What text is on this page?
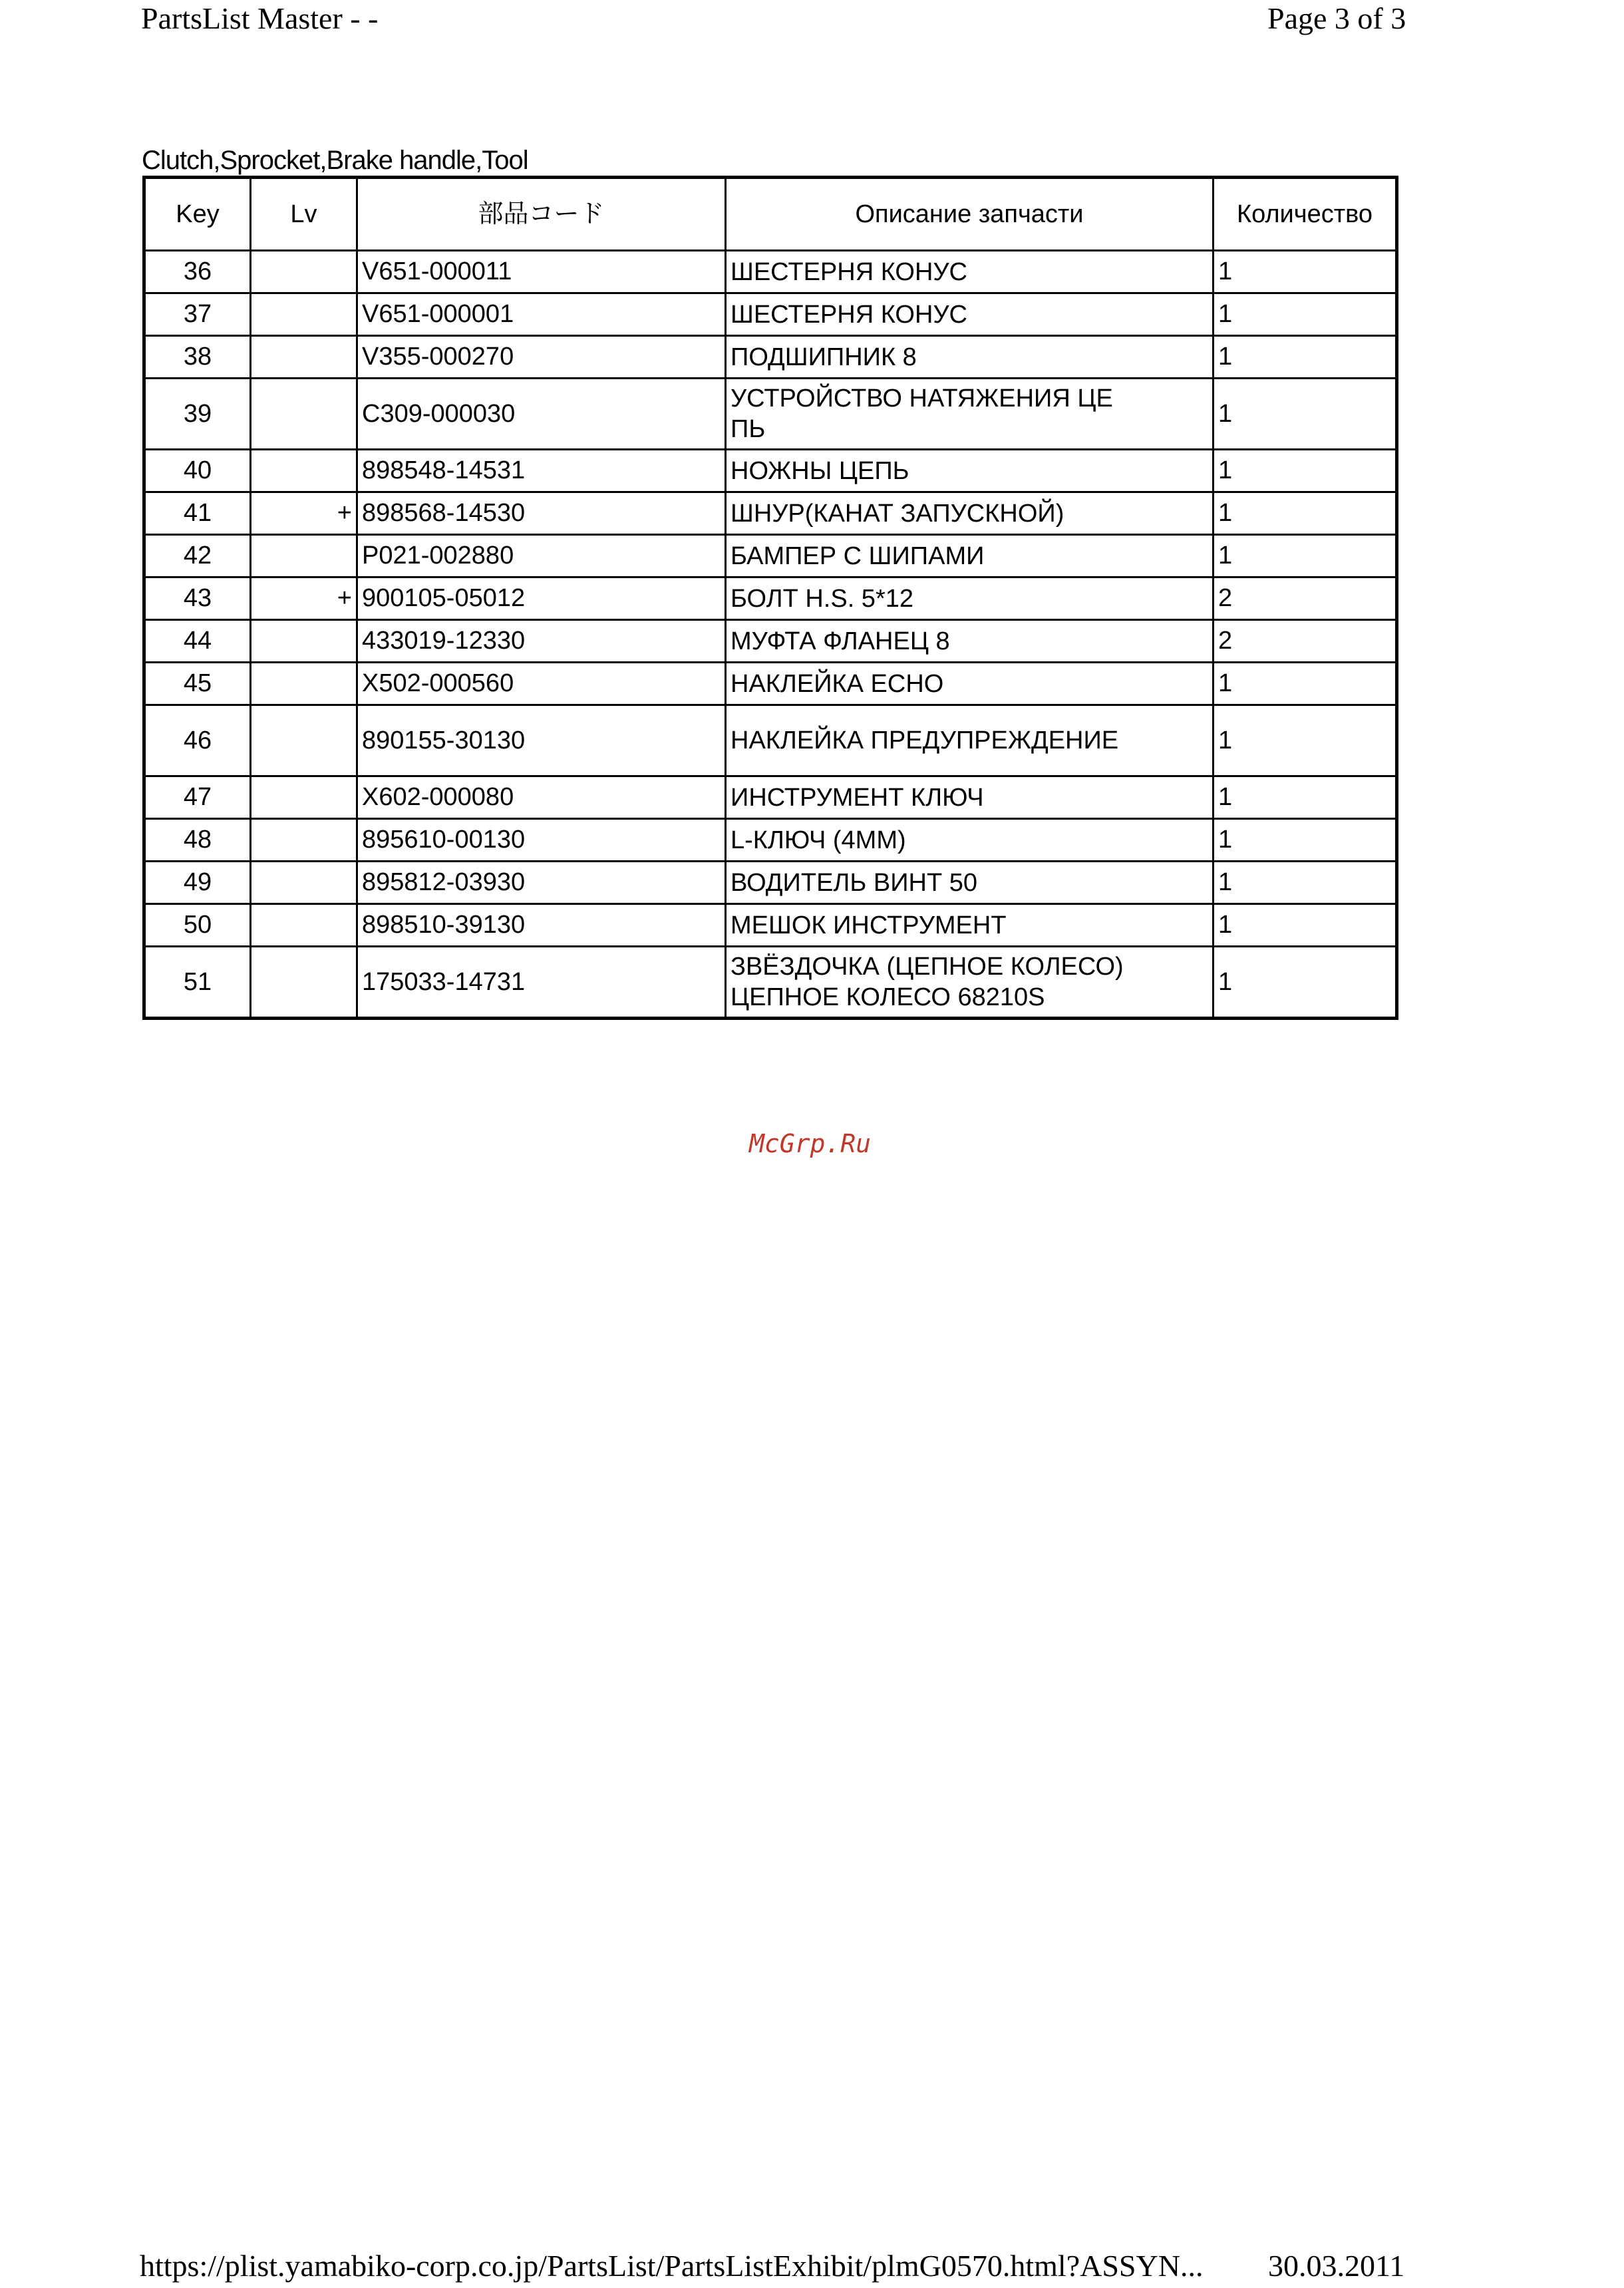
PartsList Master - -	Page 3 of 3
Clutch,Sprocket,Brake handle,Tool
Key	Lv	部品コード	Описание запчасти	Количество

36		V651-000011	ШЕСТЕРНЯ КОНУС	1
37		V651-000001	ШЕСТЕРНЯ КОНУС	1
38		V355-000270	ПОДШИПНИК 8	1
39		C309-000030	УСТРОЙСТВО НАТЯЖЕНИЯ ЦЕПЬ	1
40		898548-14531	НОЖНЫ ЦЕПЬ	1
41	+	898568-14530	ШНУР(КАНАТ ЗАПУСКНОЙ)	1
42		P021-002880	БАМПЕР С ШИПАМИ	1
43	+	900105-05012	БОЛТ H.S. 5*12	2
44		433019-12330	МУФТА ФЛАНЕЦ 8	2
45		X502-000560	НАКЛЕЙКА ECHO	1
46		890155-30130	НАКЛЕЙКА ПРЕДУПРЕЖДЕНИЕ	1
47		X602-000080	ИНСТРУМЕНТ КЛЮЧ	1
48		895610-00130	L-КЛЮЧ (4MM)	1
49		895812-03930	ВОДИТЕЛЬ ВИНТ 50	1
50		898510-39130	МЕШОК ИНСТРУМЕНТ	1
51		175033-14731	ЗВЁЗДОЧКА (ЦЕПНОЕ КОЛЕСО) ЦЕПНОЕ КОЛЕСО 68210S	1
McGrp.Ru
https://plist.yamabiko-corp.co.jp/PartsList/PartsListExhibit/plmG0570.html?ASSYN... 30.03.2011
